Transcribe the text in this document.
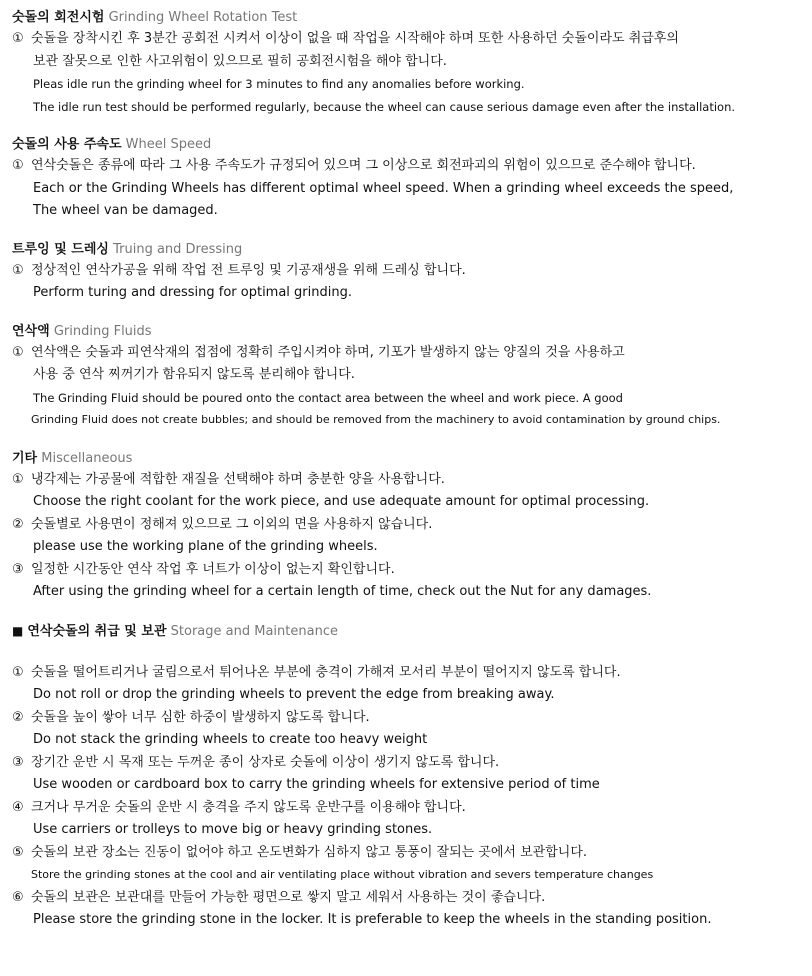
숫돌의 회전시험 Grinding Wheel Rotation Test
① 숫돌을 장착시킨 후 3분간 공회전 시켜서 이상이 없을 때 작업을 시작해야 하며 또한 사용하던 숫돌이라도 취급후의
보관 잘못으로 인한 사고위험이 있으므로 필히 공회전시험을 해야 합니다.
Pleas idle run the grinding wheel for 3 minutes to find any anomalies before working.
The idle run test should be performed regularly, because the wheel can cause serious damage even after the installation.
숫돌의 사용 주속도 Wheel Speed
① 연삭숫돌은 종류에 따라 그 사용 주속도가 규정되어 있으며 그 이상으로 회전파괴의 위험이 있으므로 준수해야 합니다.
Each or the Grinding Wheels has different optimal wheel speed. When a grinding wheel exceeds the speed,
The wheel van be damaged.
트루잉 및 드레싱 Truing and Dressing
① 정상적인 연삭가공을 위해 작업 전 트루잉 및 기공재생을 위해 드레싱 합니다.
Perform turing and dressing for optimal grinding.
연삭액 Grinding Fluids
① 연삭액은 숫돌과 피연삭재의 접점에 정확히 주입시켜야 하며, 기포가 발생하지 않는 양질의 것을 사용하고
사용 중 연삭 찌꺼기가 함유되지 않도록 분리해야 합니다.
The Grinding Fluid should be poured onto the contact area between the wheel and work piece. A good
Grinding Fluid does not create bubbles; and should be removed from the machinery to avoid contamination by ground chips.
기타 Miscellaneous
① 냉각제는 가공물에 적합한 재질을 선택해야 하며 충분한 양을 사용합니다.
Choose the right coolant for the work piece, and use adequate amount for optimal processing.
② 숫돌별로 사용면이 정해져 있으므로 그 이외의 면을 사용하지 않습니다.
please use the working plane of the grinding wheels.
③ 일정한 시간동안 연삭 작업 후 너트가 이상이 없는지 확인합니다.
After using the grinding wheel for a certain length of time, check out the Nut for any damages.
■ 연삭숫돌의 취급 및 보관 Storage and Maintenance
① 숫돌을 떨어트리거나 굴림으로서 튀어나온 부분에 충격이 가해져 모서리 부분이 떨어지지 않도록 합니다.
Do not roll or drop the grinding wheels to prevent the edge from breaking away.
② 숫돌을 높이 쌓아 너무 심한 하중이 발생하지 않도록 합니다.
Do not stack the grinding wheels to create too heavy weight
③ 장기간 운반 시 목재 또는 두꺼운 종이 상자로 숫돌에 이상이 생기지 않도록 합니다.
Use wooden or cardboard box to carry the grinding wheels for extensive period of time
④ 크거나 무거운 숫돌의 운반 시 충격을 주지 않도록 운반구를 이용해야 합니다.
Use carriers or trolleys to move big or heavy grinding stones.
⑤ 숫돌의 보관 장소는 진동이 없어야 하고 온도변화가 심하지 않고 통풍이 잘되는 곳에서 보관합니다.
Store the grinding stones at the cool and air ventilating place without vibration and severs temperature changes
⑥ 숫돌의 보관은 보관대를 만들어 가능한 평면으로 쌓지 말고 세워서 사용하는 것이 좋습니다.
Please store the grinding stone in the locker. It is preferable to keep the wheels in the standing position.
